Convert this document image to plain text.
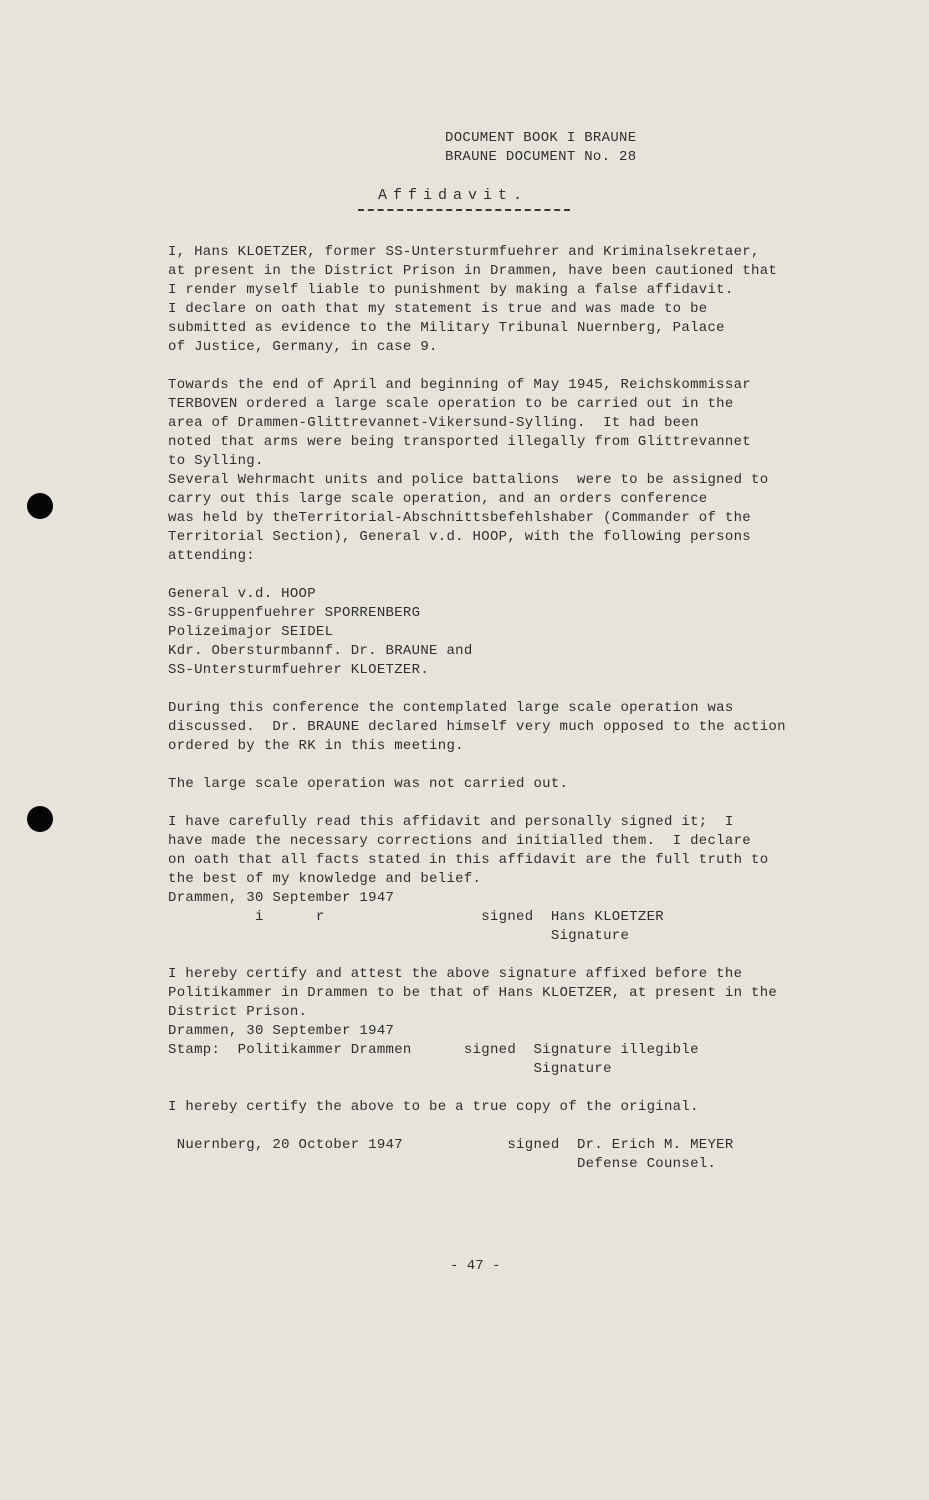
DOCUMENT BOOK I BRAUNE
BRAUNE DOCUMENT No. 28
Affidavit.
I, Hans KLOETZER, former SS-Untersturmfuehrer and Kriminalsekretaer,
at present in the District Prison in Drammen, have been cautioned that
I render myself liable to punishment by making a false affidavit.
I declare on oath that my statement is true and was made to be
submitted as evidence to the Military Tribunal Nuernberg, Palace
of Justice, Germany, in case 9.
Towards the end of April and beginning of May 1945, Reichskommissar
TERBOVEN ordered a large scale operation to be carried out in the
area of Drammen-Glittrevannet-Vikersund-Sylling.  It had been
noted that arms were being transported illegally from Glittrevannet
to Sylling.
Several Wehrmacht units and police battalions  were to be assigned to
carry out this large scale operation, and an orders conference
was held by theTerritorial-Abschnittsbefehlshaber (Commander of the
Territorial Section), General v.d. HOOP, with the following persons
attending:
General v.d. HOOP
SS-Gruppenfuehrer SPORRENBERG
Polizeimajor SEIDEL
Kdr. Obersturmbannf. Dr. BRAUNE and
SS-Untersturmfuehrer KLOETZER.
During this conference the contemplated large scale operation was
discussed.  Dr. BRAUNE declared himself very much opposed to the action
ordered by the RK in this meeting.
The large scale operation was not carried out.
I have carefully read this affidavit and personally signed it;  I
have made the necessary corrections and initialled them.  I declare
on oath that all facts stated in this affidavit are the full truth to
the best of my knowledge and belief.
Drammen, 30 September 1947
i      r                  signed  Hans KLOETZER
Signature
I hereby certify and attest the above signature affixed before the
Politikammer in Drammen to be that of Hans KLOETZER, at present in the
District Prison.
Drammen, 30 September 1947
Stamp:  Politikammer Drammen      signed  Signature illegible
Signature
I hereby certify the above to be a true copy of the original.
Nuernberg, 20 October 1947            signed  Dr. Erich M. MEYER
Defense Counsel.
- 47 -
